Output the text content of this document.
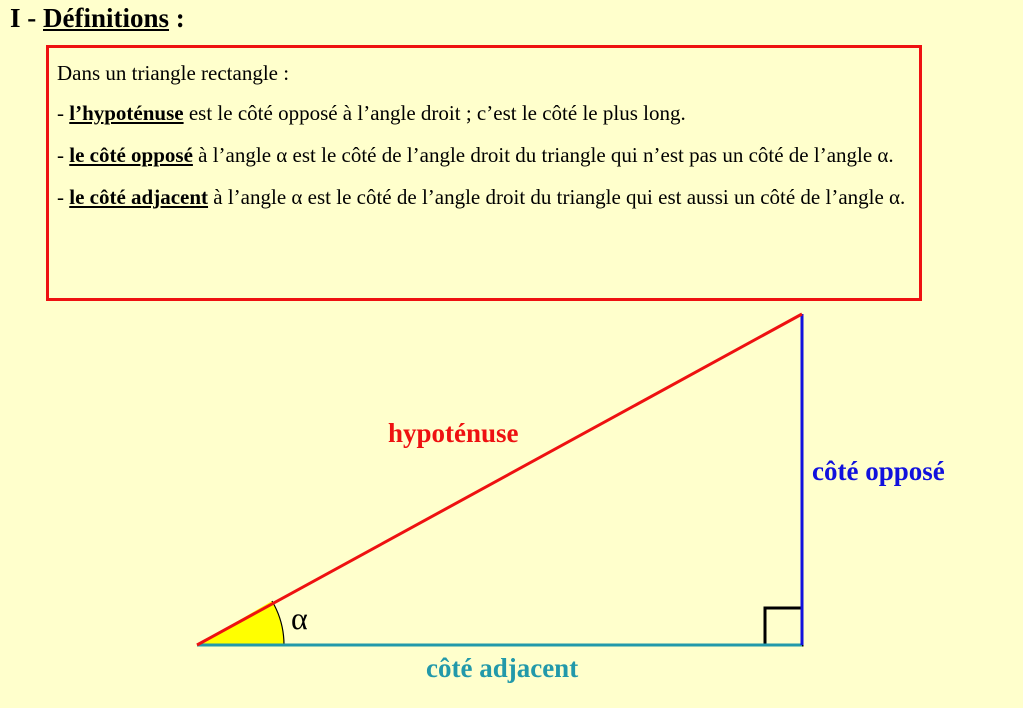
I - Définitions :

Dans un triangle rectangle :

- l’hypoténuse est le côté opposé à l’angle droit ; c’est le côté le plus long.

- le côté opposé à l’angle α est le côté de l’angle droit du triangle qui n’est pas un côté de l’angle α.

- le côté adjacent à l’angle α est le côté de l’angle droit du triangle qui est aussi un côté de l’angle α.

hypoténuse
côté opposé
côté adjacent
α
